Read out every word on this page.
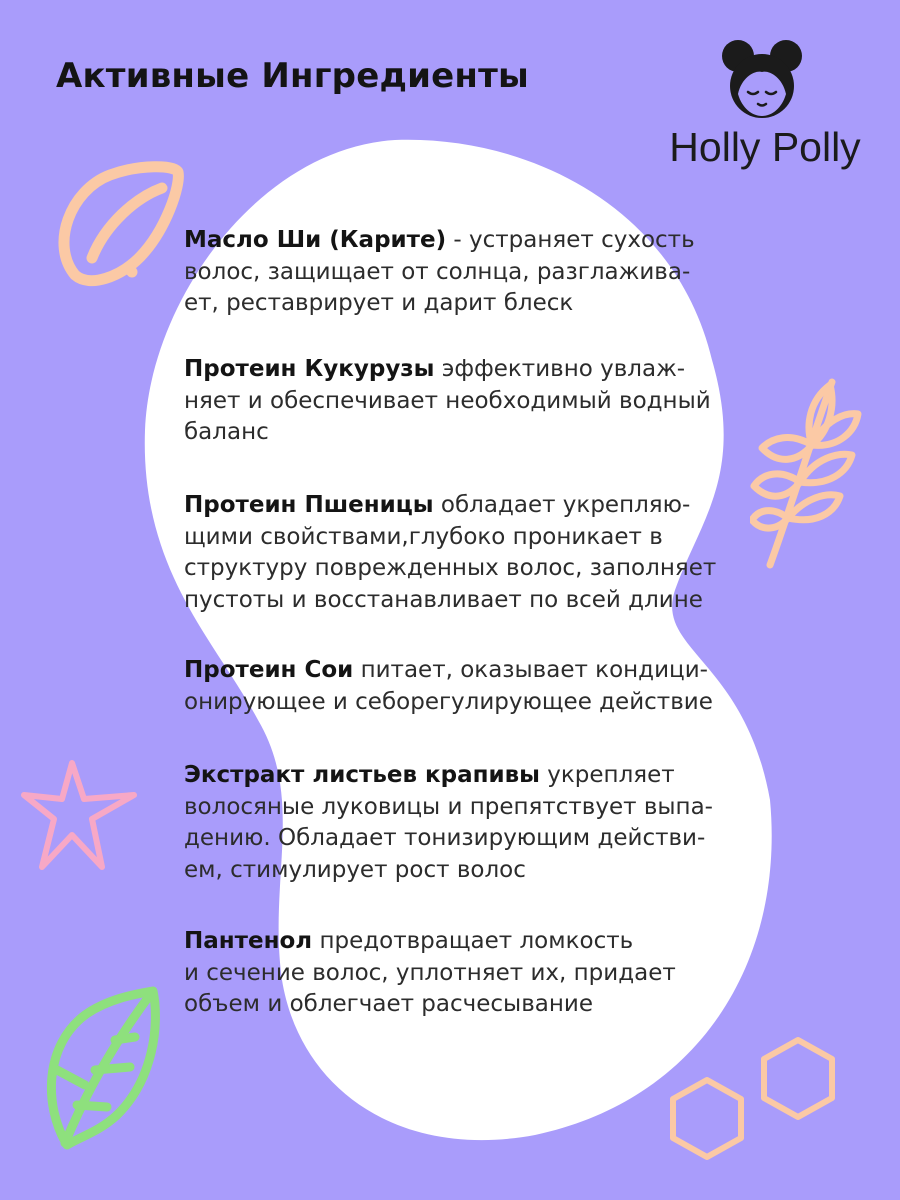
Активные Ингредиенты
Holly Polly

Масло Ши (Карите) - устраняет сухость
волос, защищает от солнца, разглажива-
ет, реставрирует и дарит блеск

Протеин Кукурузы эффективно увлаж-
няет и обеспечивает необходимый водный
баланс

Протеин Пшеницы обладает укрепляю-
щими свойствами,глубоко проникает в
структуру поврежденных волос, заполняет
пустоты и восстанавливает по всей длине

Протеин Сои питает, оказывает кондици-
онирующее и себорегулирующее действие

Экстракт листьев крапивы укрепляет
волосяные луковицы и препятствует выпа-
дению. Обладает тонизирующим действи-
ем, стимулирует рост волос

Пантенол предотвращает ломкость
и сечение волос, уплотняет их, придает
объем и облегчает расчесывание
